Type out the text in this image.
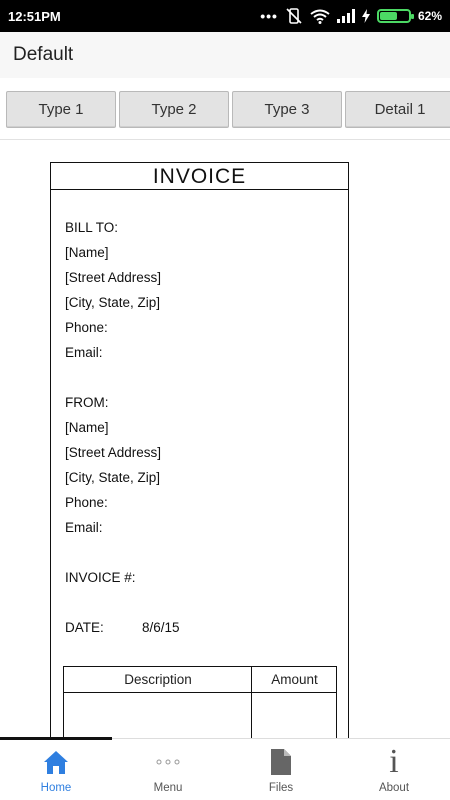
12:51PM	•••	62%
Default
Type 1	Type 2	Type 3	Detail 1
INVOICE
BILL TO:
[Name]
[Street Address]
[City, State, Zip]
Phone:
Email:
FROM:
[Name]
[Street Address]
[City, State, Zip]
Phone:
Email:
INVOICE #:
DATE:	8/6/15
Description	Amount
Home	Menu	Files
i
About
